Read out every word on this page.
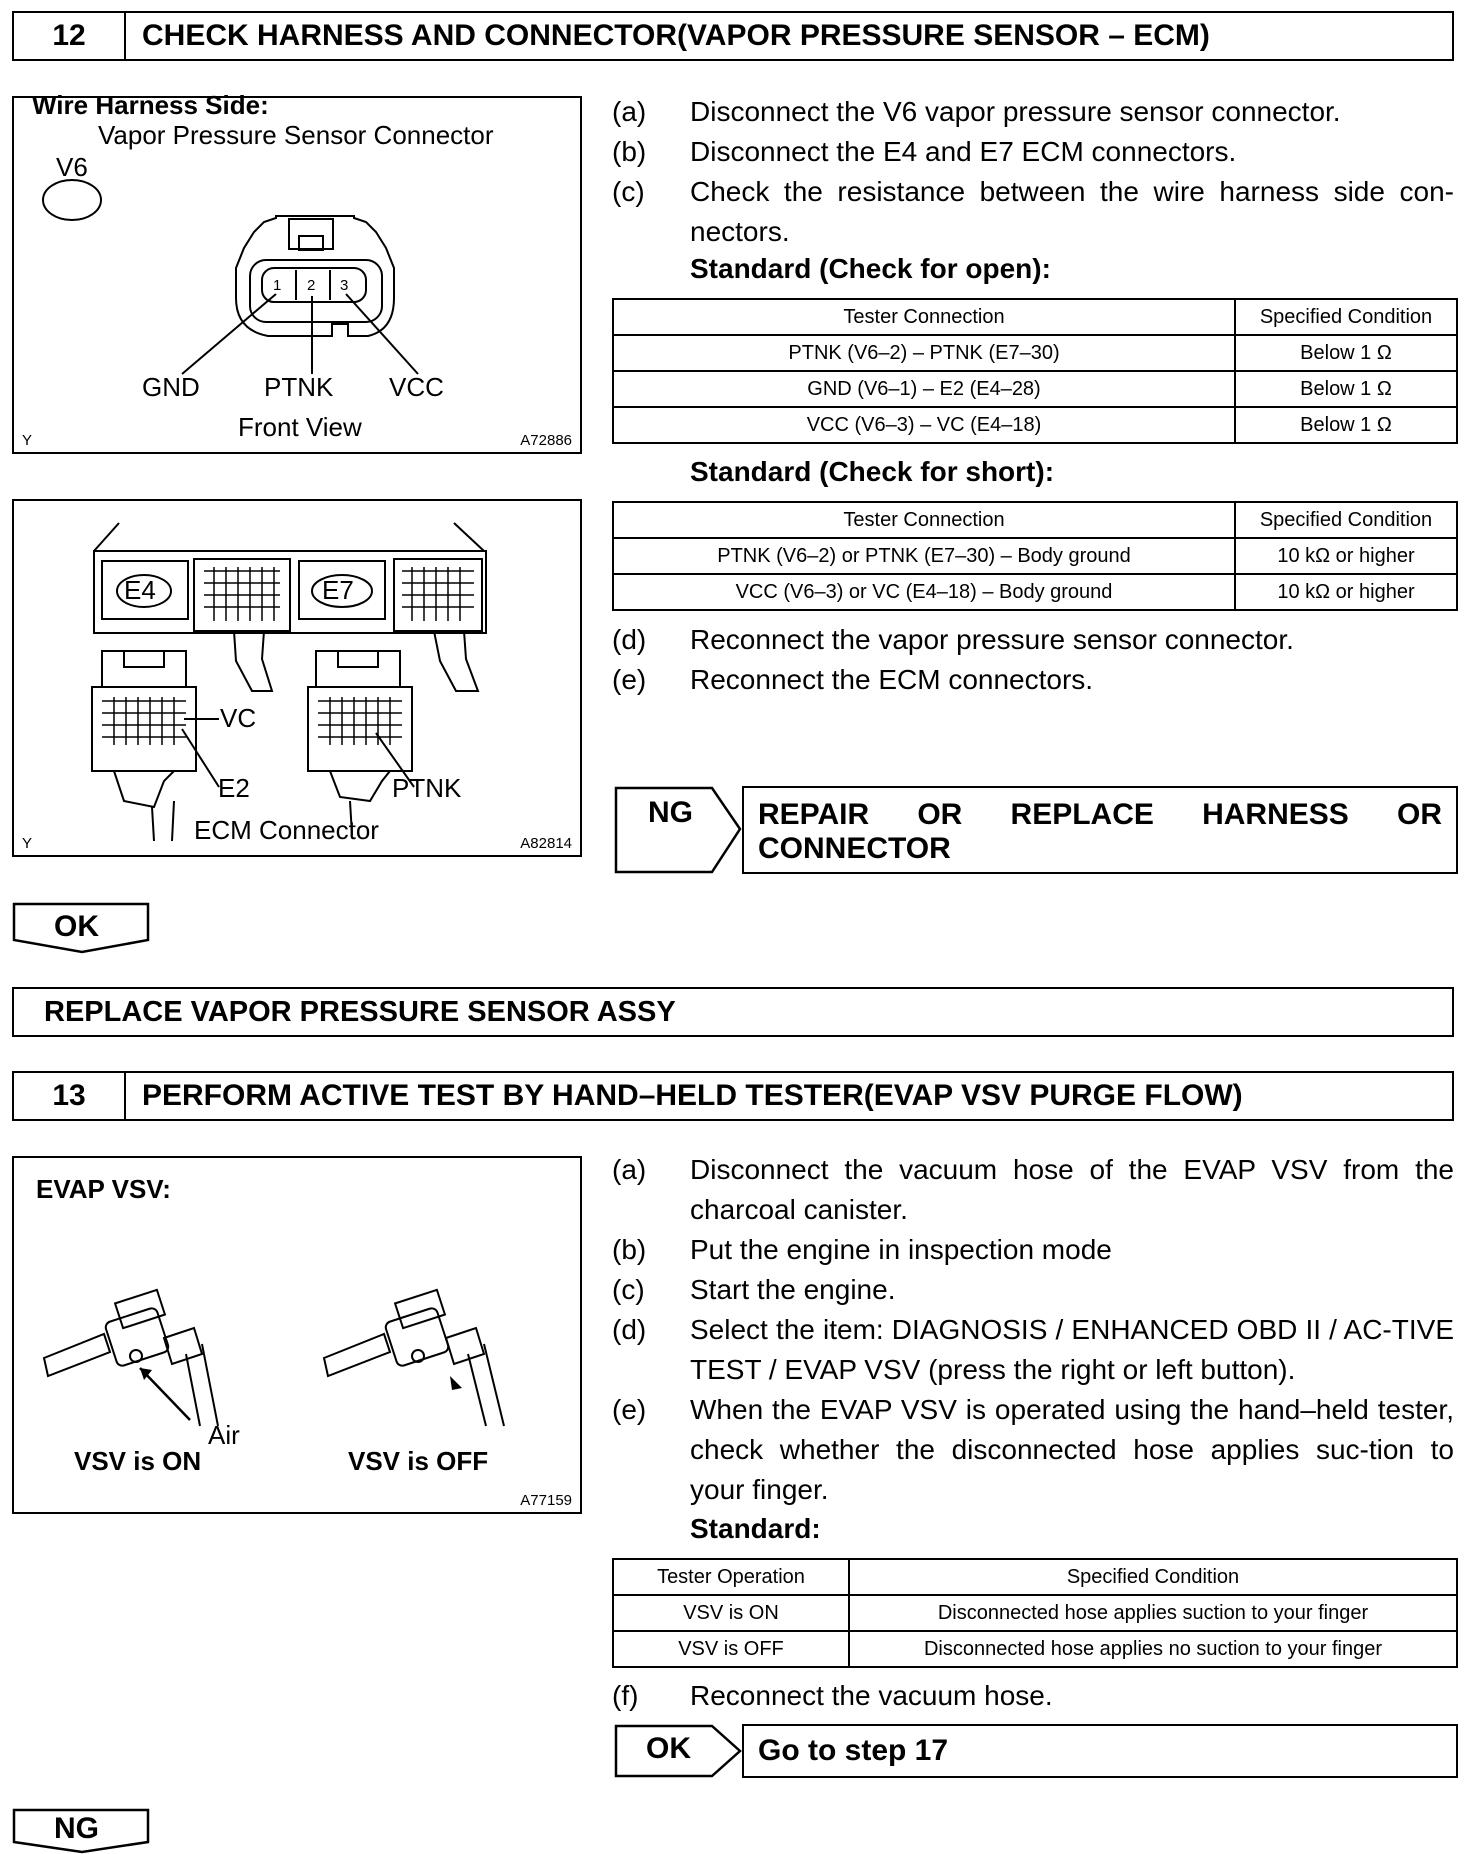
12	CHECK HARNESS AND CONNECTOR(VAPOR PRESSURE SENSOR – ECM)
Wire Harness Side:
Vapor Pressure Sensor Connector
V6
1 2 3
GND PTNK VCC
Front View
Y	A72886
E4	E7
VC
E2	PTNK
ECM Connector
Y	A82814
(a) Disconnect the V6 vapor pressure sensor connector.
(b) Disconnect the E4 and E7 ECM connectors.
(c) Check the resistance between the wire harness side con-nectors.
Standard (Check for open):
Tester Connection	Specified Condition
PTNK (V6–2) – PTNK (E7–30)	Below 1 Ω
GND (V6–1) – E2 (E4–28)	Below 1 Ω
VCC (V6–3) – VC (E4–18)	Below 1 Ω
Standard (Check for short):
Tester Connection	Specified Condition
PTNK (V6–2) or PTNK (E7–30) – Body ground	10 kΩ or higher
VCC (V6–3) or VC (E4–18) – Body ground	10 kΩ or higher
(d) Reconnect the vapor pressure sensor connector.
(e) Reconnect the ECM connectors.
NG REPAIR OR REPLACE HARNESS OR
CONNECTOR
OK
REPLACE VAPOR PRESSURE SENSOR ASSY
13	PERFORM ACTIVE TEST BY HAND–HELD TESTER(EVAP VSV PURGE FLOW)
EVAP VSV:
Air
VSV is ON	VSV is OFF
A77159
(a) Disconnect the vacuum hose of the EVAP VSV from the charcoal canister.
(b) Put the engine in inspection mode
(c) Start the engine.
(d) Select the item: DIAGNOSIS / ENHANCED OBD II / AC-TIVE TEST / EVAP VSV (press the right or left button).
(e) When the EVAP VSV is operated using the hand–held tester, check whether the disconnected hose applies suc-tion to your finger.
Standard:
Tester Operation	Specified Condition
VSV is ON	Disconnected hose applies suction to your finger
VSV is OFF	Disconnected hose applies no suction to your finger
(f) Reconnect the vacuum hose.
OK Go to step 17
NG
